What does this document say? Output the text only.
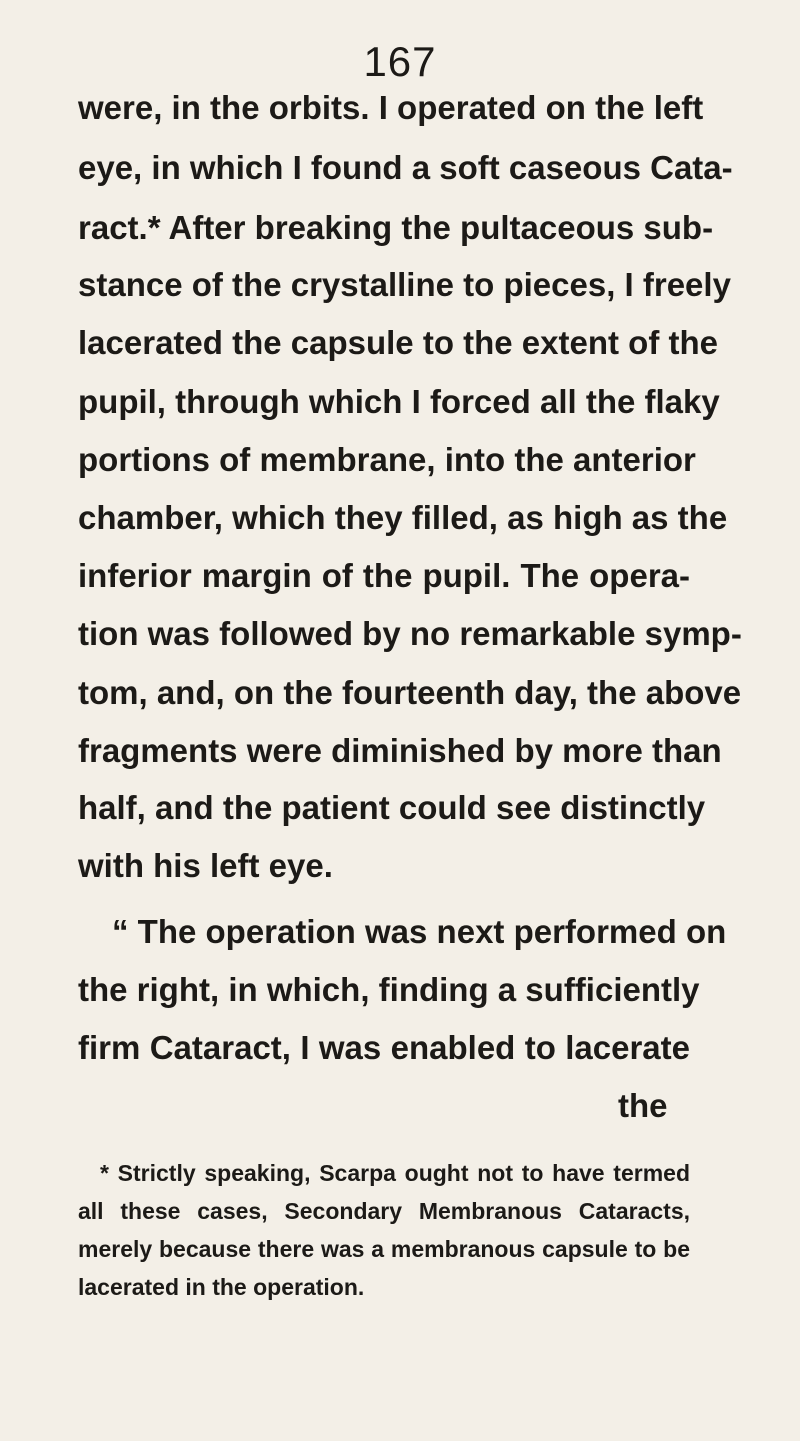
167
were, in the orbits. I operated on the left
eye, in which I found a soft caseous Cata-
ract.* After breaking the pultaceous sub-
stance of the crystalline to pieces, I freely
lacerated the capsule to the extent of the
pupil, through which I forced all the flaky
portions of membrane, into the anterior
chamber, which they filled, as high as the
inferior margin of the pupil. The opera-
tion was followed by no remarkable symp-
tom, and, on the fourteenth day, the above
fragments were diminished by more than
half, and the patient could see distinctly
with his left eye.
“ The operation was next performed on
the right, in which, finding a sufficiently
firm Cataract, I was enabled to lacerate
the
* Strictly speaking, Scarpa ought not to have termed
all these cases, Secondary Membranous Cataracts,
merely because there was a membranous capsule to be
lacerated in the operation.
